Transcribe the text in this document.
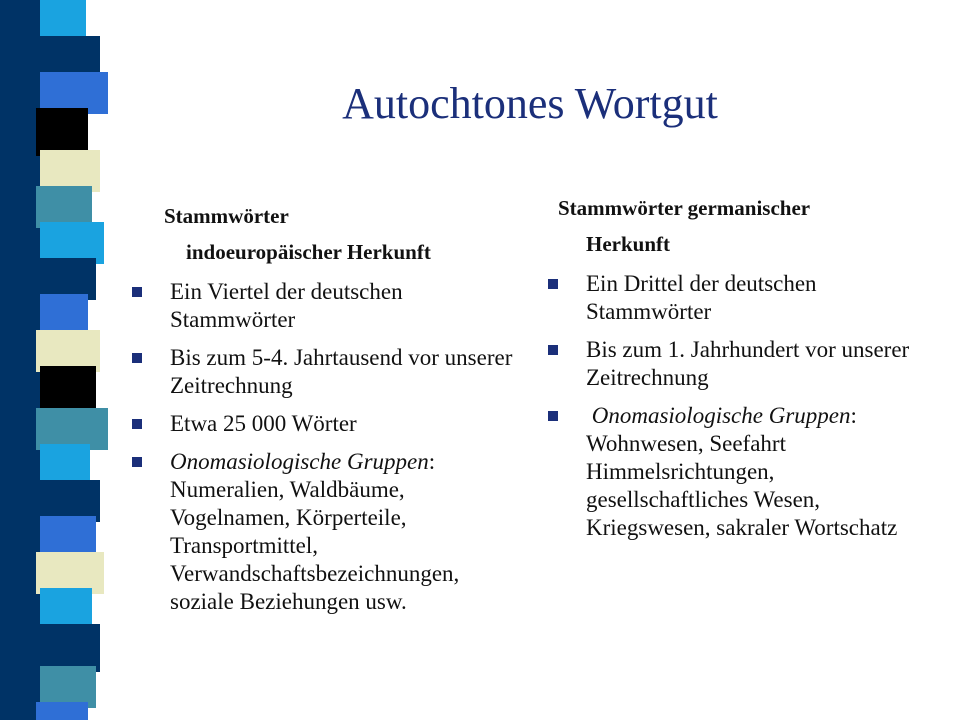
Autochtones Wortgut
Stammwörter
indoeuropäischer Herkunft
Ein Viertel der deutschen Stammwörter
Bis zum 5-4. Jahrtausend vor unserer Zeitrechnung
Etwa 25 000 Wörter
Onomasiologische Gruppen: Numeralien, Waldbäume, Vogelnamen, Körperteile, Transportmittel, Verwandschaftsbezeichnungen, soziale Beziehungen usw.
Stammwörter germanischer
Herkunft
Ein Drittel der deutschen Stammwörter
Bis zum 1. Jahrhundert vor unserer Zeitrechnung
Onomasiologische Gruppen: Wohnwesen, Seefahrt Himmelsrichtungen, gesellschaftliches Wesen, Kriegswesen, sakraler Wortschatz
